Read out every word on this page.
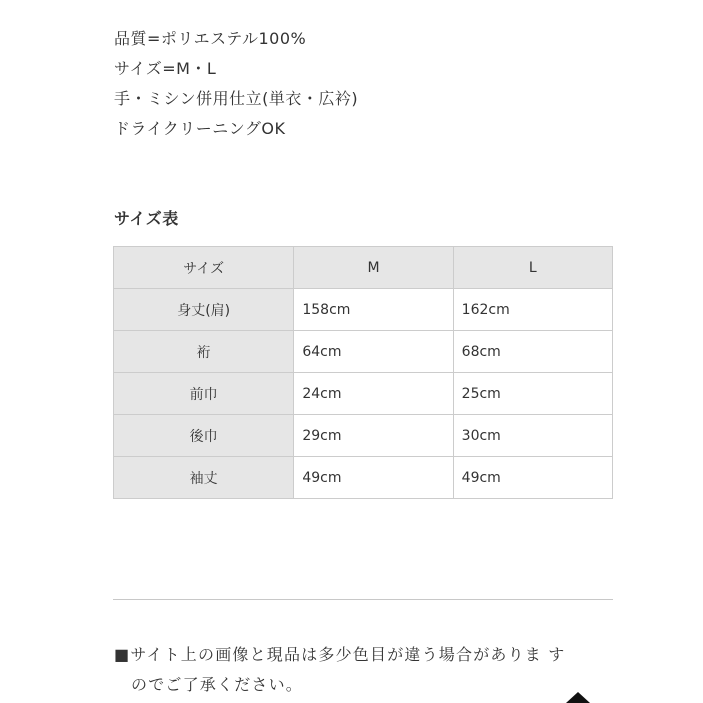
品質=ポリエステル100%
サイズ=M・L
手・ミシン併用仕立(単衣・広衿)
ドライクリーニングOK
サイズ表
サイズ	M	L
身丈(肩)	158cm	162cm
裄	64cm	68cm
前巾	24cm	25cm
後巾	29cm	30cm
袖丈	49cm	49cm
■サイト上の画像と現品は多少色目が違う場合がありま す
のでご了承ください。
